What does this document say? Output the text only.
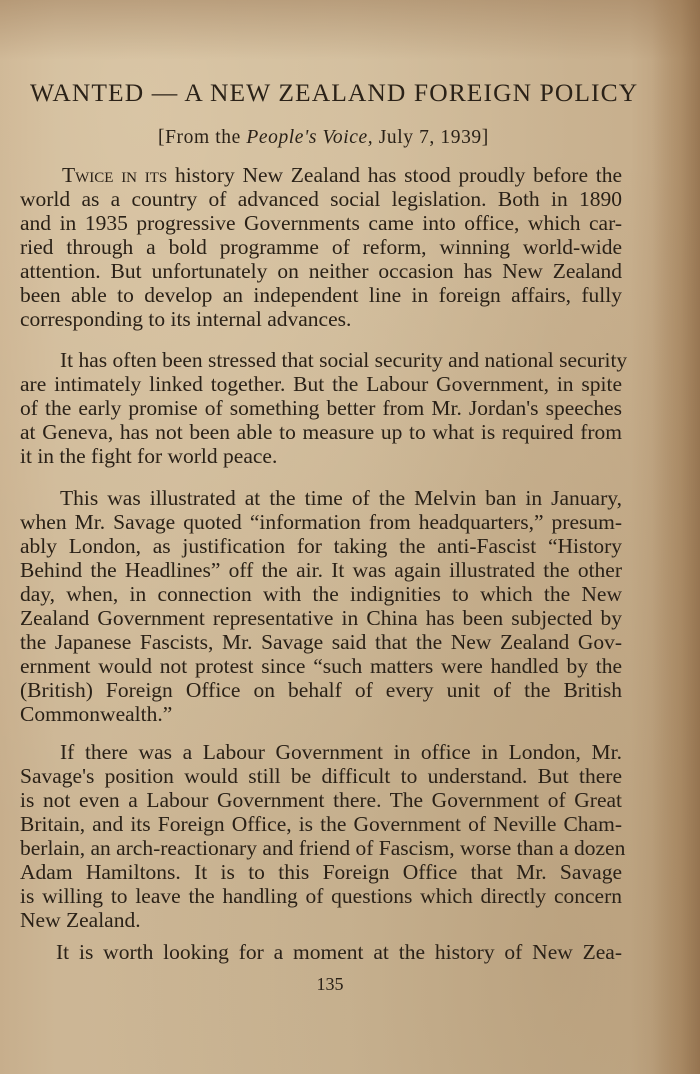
WANTED — A NEW ZEALAND FOREIGN POLICY

[From the People's Voice, July 7, 1939]

Twice in its history New Zealand has stood proudly before the
world as a country of advanced social legislation. Both in 1890
and in 1935 progressive Governments came into office, which car-
ried through a bold programme of reform, winning world-wide
attention. But unfortunately on neither occasion has New Zealand
been able to develop an independent line in foreign affairs, fully
corresponding to its internal advances.
It has often been stressed that social security and national security
are intimately linked together. But the Labour Government, in spite
of the early promise of something better from Mr. Jordan's speeches
at Geneva, has not been able to measure up to what is required from
it in the fight for world peace.
This was illustrated at the time of the Melvin ban in January,
when Mr. Savage quoted “information from headquarters,” presum-
ably London, as justification for taking the anti-Fascist “History
Behind the Headlines” off the air. It was again illustrated the other
day, when, in connection with the indignities to which the New
Zealand Government representative in China has been subjected by
the Japanese Fascists, Mr. Savage said that the New Zealand Gov-
ernment would not protest since “such matters were handled by the
(British) Foreign Office on behalf of every unit of the British
Commonwealth.”
If there was a Labour Government in office in London, Mr.
Savage's position would still be difficult to understand. But there
is not even a Labour Government there. The Government of Great
Britain, and its Foreign Office, is the Government of Neville Cham-
berlain, an arch-reactionary and friend of Fascism, worse than a dozen
Adam Hamiltons. It is to this Foreign Office that Mr. Savage
is willing to leave the handling of questions which directly concern
New Zealand.
It is worth looking for a moment at the history of New Zea-

135
